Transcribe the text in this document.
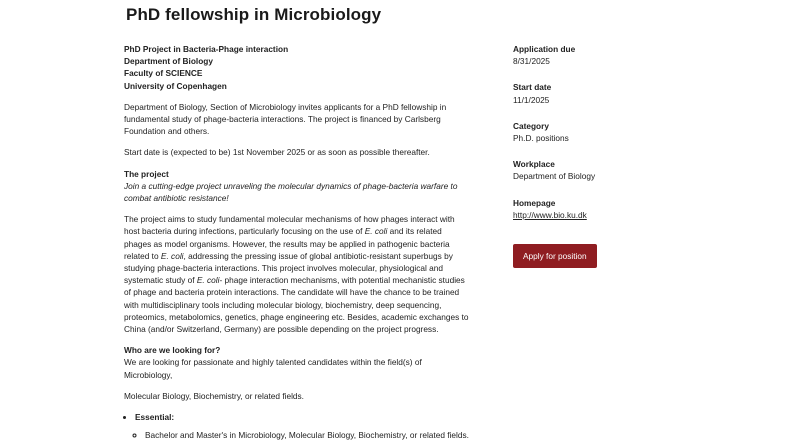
PhD fellowship in Microbiology

PhD Project in Bacteria-Phage interaction

Department of Biology

Faculty of SCIENCE

University of Copenhagen

Department of Biology, Section of Microbiology invites applicants for a PhD fellowship in fundamental study of phage-bacteria interactions. The project is financed by Carlsberg Foundation and others.

Start date is (expected to be) 1st November 2025 or as soon as possible thereafter.

The project

Join a cutting-edge project unraveling the molecular dynamics of phage-bacteria warfare to combat antibiotic resistance!

The project aims to study fundamental molecular mechanisms of how phages interact with host bacteria during infections, particularly focusing on the use of E. coli and its related phages as model organisms. However, the results may be applied in pathogenic bacteria related to E. coli, addressing the pressing issue of global antibiotic-resistant superbugs by studying phage-bacteria interactions. This project involves molecular, physiological and systematic study of E. coli- phage interaction mechanisms, with potential mechanistic studies of phage and bacteria protein interactions. The candidate will have the chance to be trained with multidisciplinary tools including molecular biology, biochemistry, deep sequencing, proteomics, metabolomics, genetics, phage engineering etc. Besides, academic exchanges to China (and/or Switzerland, Germany) are possible depending on the project progress.

Who are we looking for?

We are looking for passionate and highly talented candidates within the field(s) of Microbiology,

Molecular Biology, Biochemistry, or related fields.

• Essential:
◦ Bachelor and Master's in Microbiology, Molecular Biology, Biochemistry, or related fields.
Application due
8/31/2025
Start date
11/1/2025
Category
Ph.D. positions
Workplace
Department of Biology
Homepage
http://www.bio.ku.dk
Apply for position
